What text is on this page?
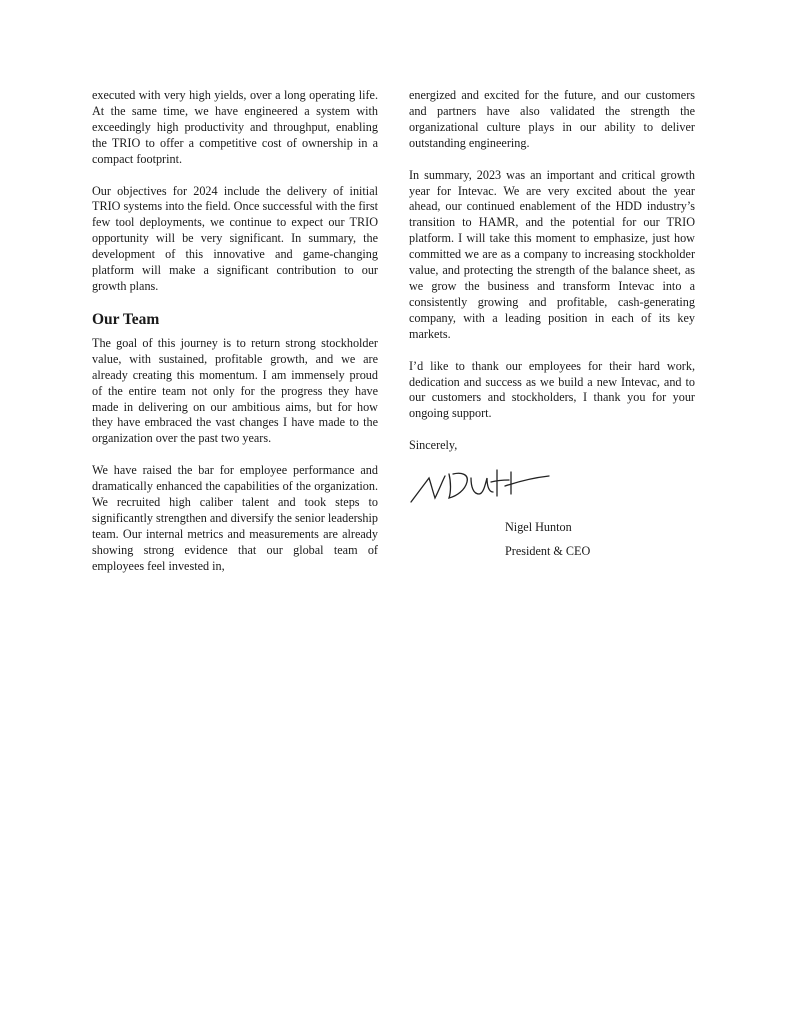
executed with very high yields, over a long operating life. At the same time, we have engineered a system with exceedingly high productivity and throughput, enabling the TRIO to offer a competitive cost of ownership in a compact footprint.

Our objectives for 2024 include the delivery of initial TRIO systems into the field. Once successful with the first few tool deployments, we continue to expect our TRIO opportunity will be very significant. In summary, the development of this innovative and game-changing platform will make a significant contribution to our growth plans.

Our Team

The goal of this journey is to return strong stockholder value, with sustained, profitable growth, and we are already creating this momentum. I am immensely proud of the entire team not only for the progress they have made in delivering on our ambitious aims, but for how they have embraced the vast changes I have made to the organization over the past two years.

We have raised the bar for employee performance and dramatically enhanced the capabilities of the organization. We recruited high caliber talent and took steps to significantly strengthen and diversify the senior leadership team. Our internal metrics and measurements are already showing strong evidence that our global team of employees feel invested in,

energized and excited for the future, and our customers and partners have also validated the strength the organizational culture plays in our ability to deliver outstanding engineering.

In summary, 2023 was an important and critical growth year for Intevac. We are very excited about the year ahead, our continued enablement of the HDD industry’s transition to HAMR, and the potential for our TRIO platform. I will take this moment to emphasize, just how committed we are as a company to increasing stockholder value, and protecting the strength of the balance sheet, as we grow the business and transform Intevac into a consistently growing and profitable, cash-generating company, with a leading position in each of its key markets.

I’d like to thank our employees for their hard work, dedication and success as we build a new Intevac, and to our customers and stockholders, I thank you for your ongoing support.

Sincerely,

Nigel Hunton
President & CEO
